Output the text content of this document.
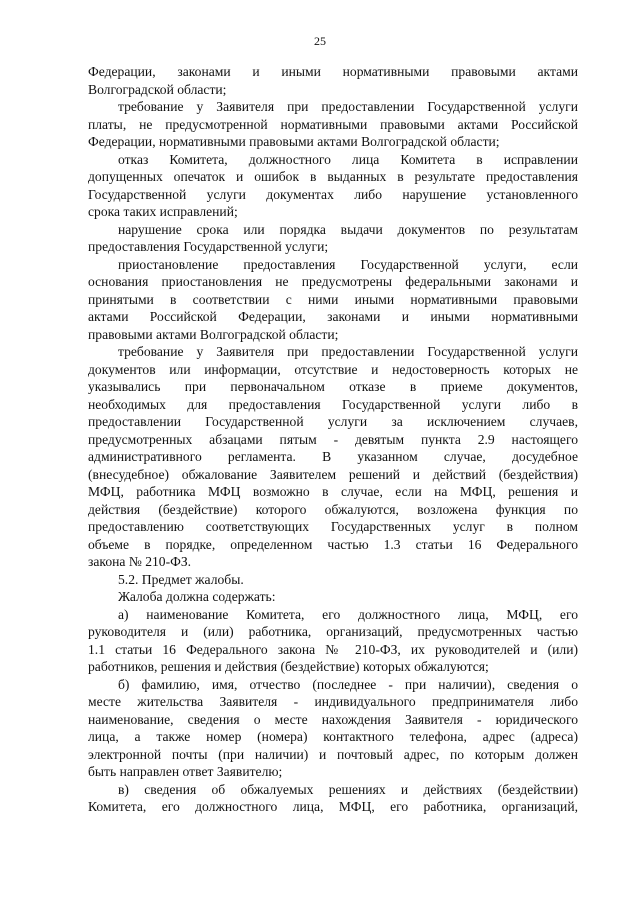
25
Федерации, законами и иными нормативными правовыми актами
Волгоградской области;
требование у Заявителя при предоставлении Государственной услуги
платы, не предусмотренной нормативными правовыми актами Российской
Федерации, нормативными правовыми актами Волгоградской области;
отказ Комитета, должностного лица Комитета в исправлении
допущенных опечаток и ошибок в выданных в результате предоставления
Государственной услуги документах либо нарушение установленного
срока таких исправлений;
нарушение срока или порядка выдачи документов по результатам
предоставления Государственной услуги;
приостановление предоставления Государственной услуги, если
основания приостановления не предусмотрены федеральными законами и
принятыми в соответствии с ними иными нормативными правовыми
актами Российской Федерации, законами и иными нормативными
правовыми актами Волгоградской области;
требование у Заявителя при предоставлении Государственной услуги
документов или информации, отсутствие и недостоверность которых не
указывались при первоначальном отказе в приеме документов,
необходимых для предоставления Государственной услуги либо в
предоставлении Государственной услуги за исключением случаев,
предусмотренных абзацами пятым - девятым пункта 2.9 настоящего
административного регламента. В указанном случае, досудебное
(внесудебное) обжалование Заявителем решений и действий (бездействия)
МФЦ, работника МФЦ возможно в случае, если на МФЦ, решения и
действия (бездействие) которого обжалуются, возложена функция по
предоставлению соответствующих Государственных услуг в полном
объеме в порядке, определенном частью 1.3 статьи 16 Федерального
закона № 210-ФЗ.
5.2. Предмет жалобы.
Жалоба должна содержать:
а) наименование Комитета, его должностного лица, МФЦ, его
руководителя и (или) работника, организаций, предусмотренных частью
1.1 статьи 16 Федерального закона № 210-ФЗ, их руководителей и (или)
работников, решения и действия (бездействие) которых обжалуются;
б) фамилию, имя, отчество (последнее - при наличии), сведения о
месте жительства Заявителя - индивидуального предпринимателя либо
наименование, сведения о месте нахождения Заявителя - юридического
лица, а также номер (номера) контактного телефона, адрес (адреса)
электронной почты (при наличии) и почтовый адрес, по которым должен
быть направлен ответ Заявителю;
в) сведения об обжалуемых решениях и действиях (бездействии)
Комитета, его должностного лица, МФЦ, его работника, организаций,
